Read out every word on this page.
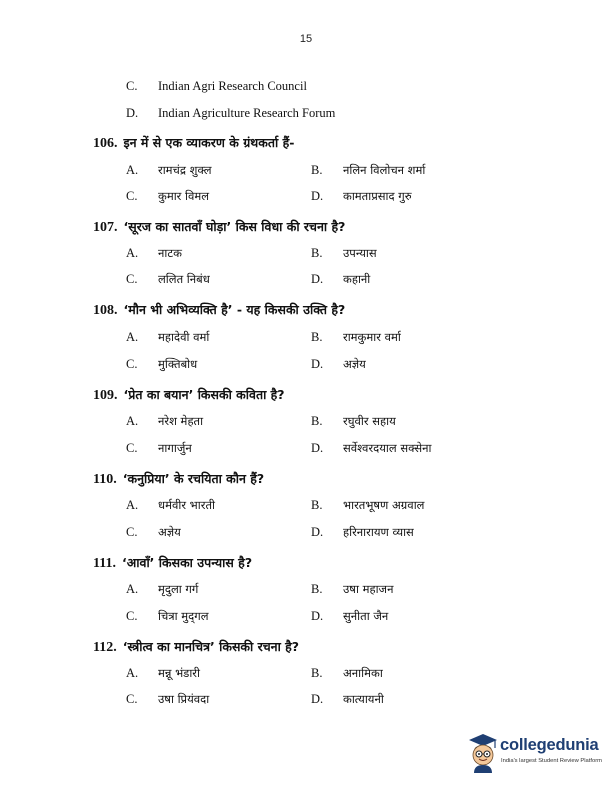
15
C. Indian Agri Research Council
D. Indian Agriculture Research Forum
106. इन में से एक व्याकरण के ग्रंथकर्ता हैं-
A. रामचंद्र शुक्ल	B. नलिन विलोचन शर्मा
C. कुमार विमल	D. कामताप्रसाद गुरु
107. ‘सूरज का सातवाँ घोड़ा’ किस विधा की रचना है?
A. नाटक	B. उपन्यास
C. ललित निबंध	D. कहानी
108. ‘मौन भी अभिव्यक्ति है’ - यह किसकी उक्ति है?
A. महादेवी वर्मा	B. रामकुमार वर्मा
C. मुक्तिबोध	D. अज्ञेय
109. ‘प्रेत का बयान’ किसकी कविता है?
A. नरेश मेहता	B. रघुवीर सहाय
C. नागार्जुन	D. सर्वेश्वरदयाल सक्सेना
110. ‘कनुप्रिया’ के रचयिता कौन हैं?
A. धर्मवीर भारती	B. भारतभूषण अग्रवाल
C. अज्ञेय	D. हरिनारायण व्यास
111. ‘आवाँ’ किसका उपन्यास है?
A. मृदुला गर्ग	B. उषा महाजन
C. चित्रा मुद्‌गल	D. सुनीता जैन
112. ‘स्त्रीत्व का मानचित्र’ किसकी रचना है?
A. मन्नू भंडारी	B. अनामिका
C. उषा प्रियंवदा	D. कात्यायनी
collegedunia
India's largest Student Review Platform
